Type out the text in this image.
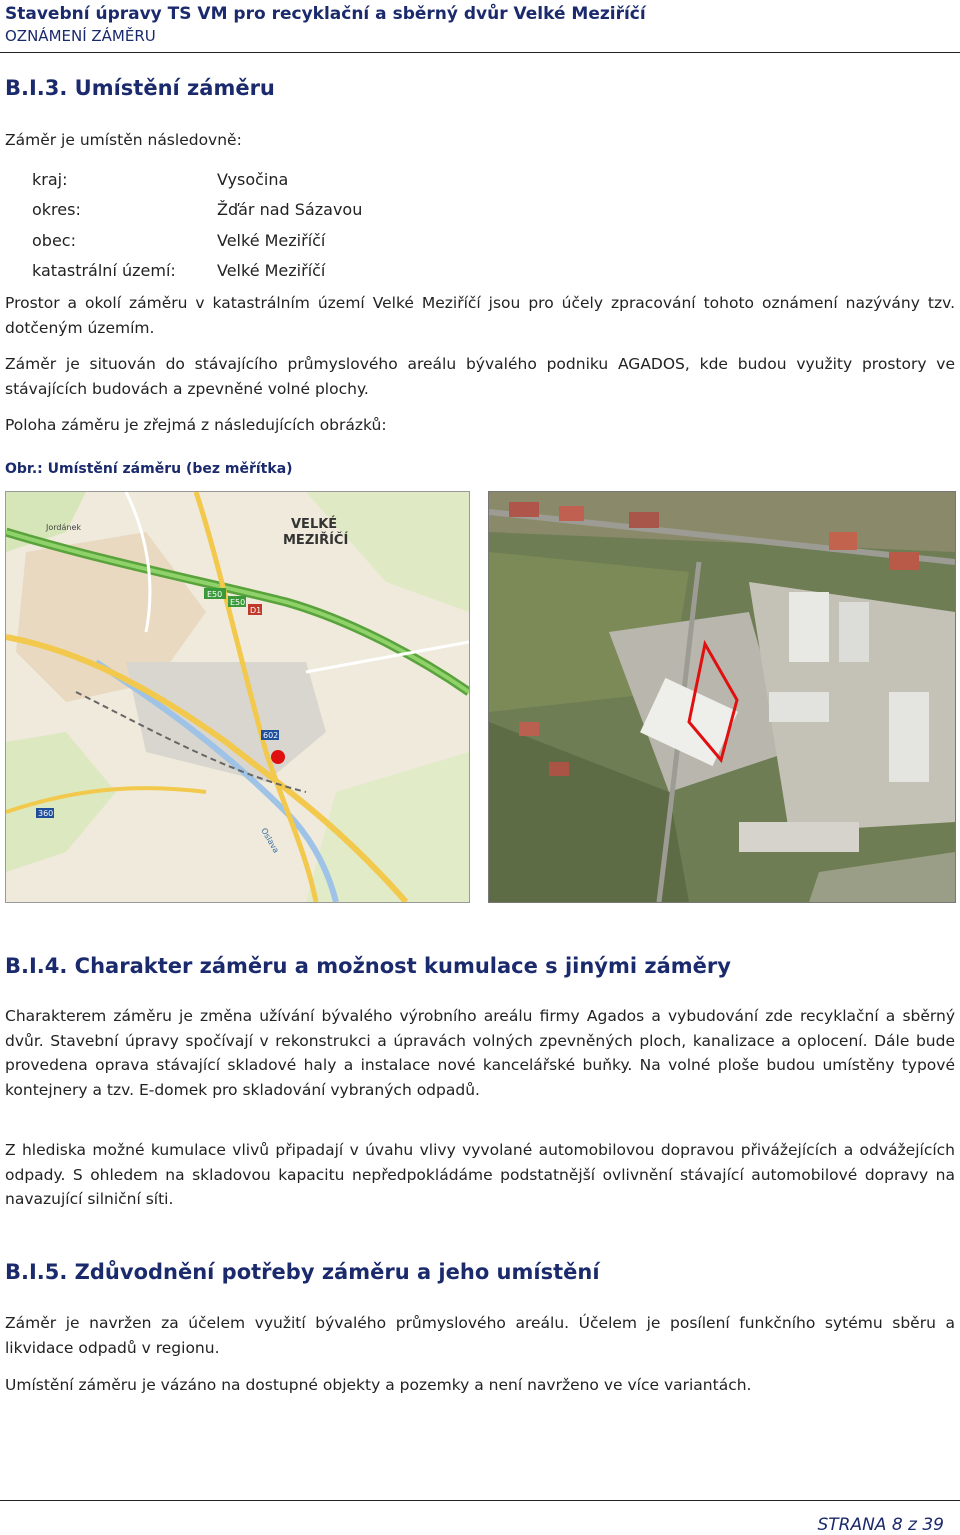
Stavební úpravy TS VM pro recyklační a sběrný dvůr Velké Meziříčí
OZNÁMENÍ ZÁMĚRU
B.I.3. Umístění záměru
Záměr je umístěn následovně:
kraj:	Vysočina
okres:	Žďár nad Sázavou
obec:	Velké Meziříčí
katastrální území:	Velké Meziříčí
Prostor a okolí záměru v katastrálním území Velké Meziříčí jsou pro účely zpracování tohoto oznámení nazývány tzv. dotčeným územím.
Záměr je situován do stávajícího průmyslového areálu bývalého podniku AGADOS, kde budou využity prostory ve stávajících budovách a zpevněné volné plochy.
Poloha záměru je zřejmá z následujících obrázků:
Obr.: Umístění záměru (bez měřítka)
VELKÉ
MEZIŘÍČÍ
E50
E50
D1
602
360
Jordánek
Oslava
B.I.4. Charakter záměru a možnost kumulace s jinými záměry
Charakterem záměru je změna užívání bývalého výrobního areálu firmy Agados a vybudování zde recyklační a sběrný dvůr. Stavební úpravy spočívají v rekonstrukci a úpravách volných zpevněných ploch, kanalizace a oplocení. Dále bude provedena oprava stávající skladové haly a instalace nové kancelářské buňky. Na volné ploše budou umístěny typové kontejnery a tzv. E-domek pro skladování vybraných odpadů.
Z hlediska možné kumulace vlivů připadají v úvahu vlivy vyvolané automobilovou dopravou přivážejících a odvážejících odpady. S ohledem na skladovou kapacitu nepředpokládáme podstatnější ovlivnění stávající automobilové dopravy na navazující silniční síti.
B.I.5. Zdůvodnění potřeby záměru a jeho umístění
Záměr je navržen za účelem využití bývalého průmyslového areálu. Účelem je posílení funkčního sytému sběru a likvidace odpadů v regionu.
Umístění záměru je vázáno na dostupné objekty a pozemky a není navrženo ve více variantách.
STRANA 8 z 39
